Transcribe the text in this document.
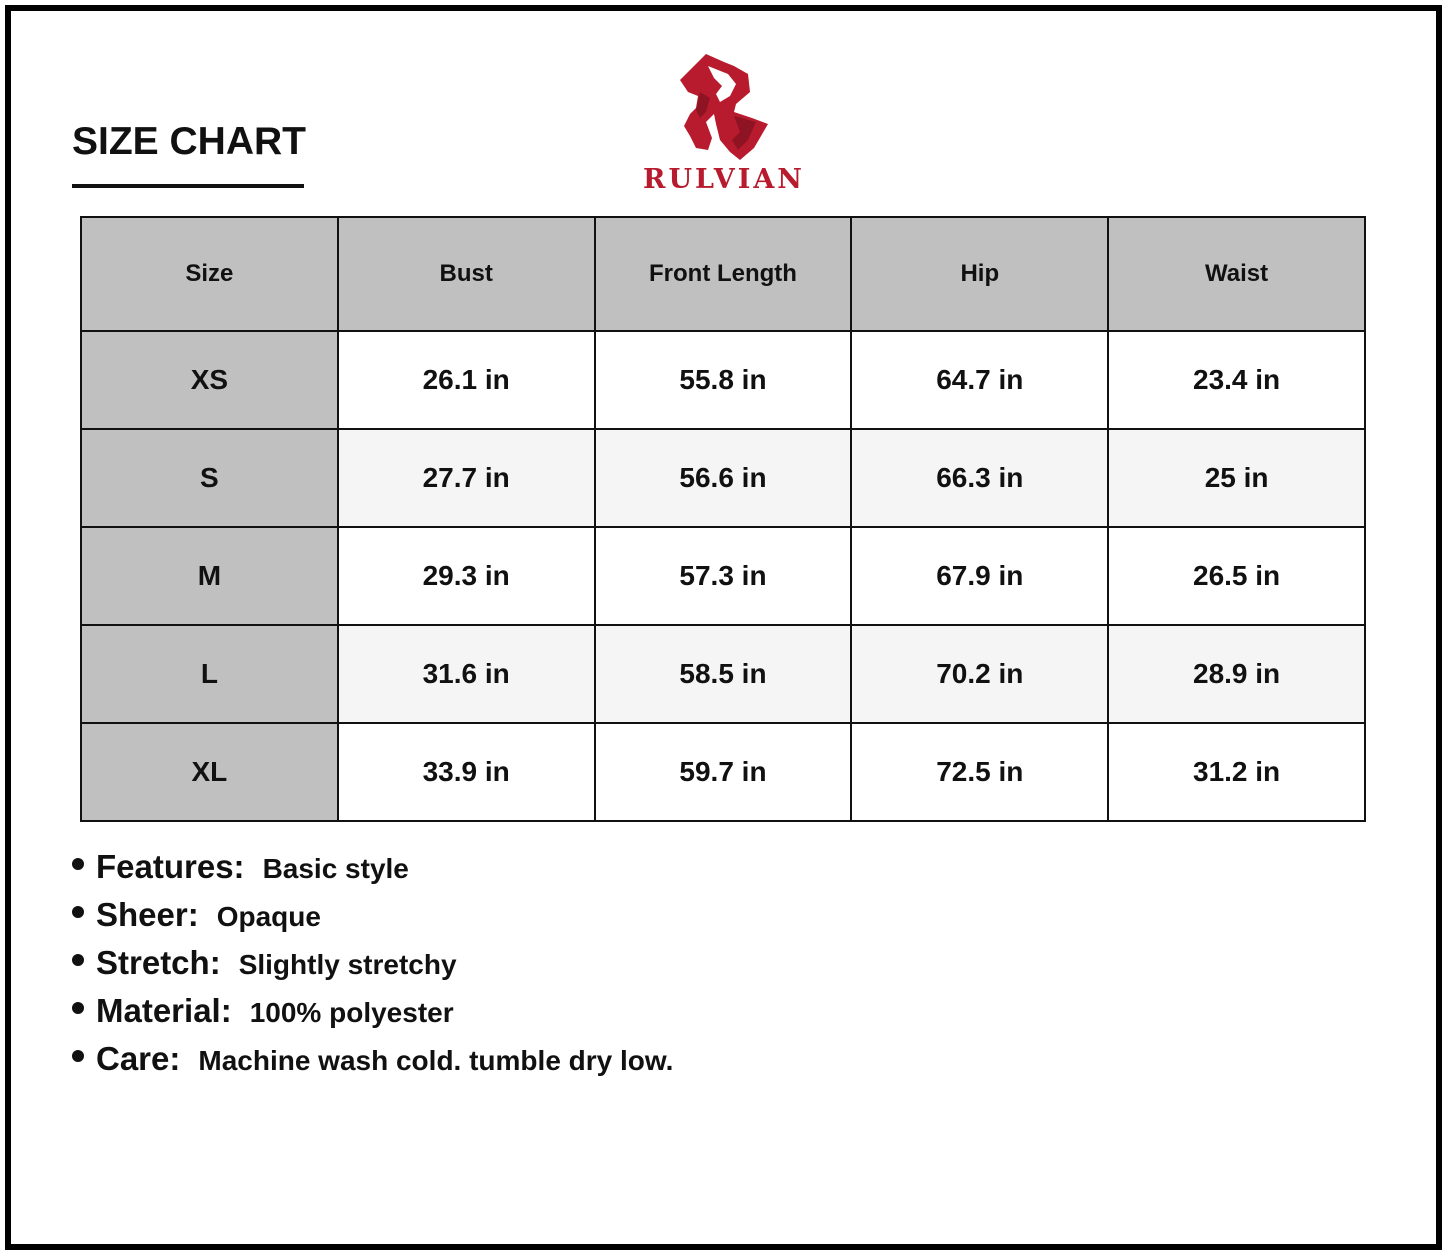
SIZE CHART
RULVIAN
Size	Bust	Front Length	Hip	Waist
XS	26.1 in	55.8 in	64.7 in	23.4 in
S	27.7 in	56.6 in	66.3 in	25 in
M	29.3 in	57.3 in	67.9 in	26.5 in
L	31.6 in	58.5 in	70.2 in	28.9 in
XL	33.9 in	59.7 in	72.5 in	31.2 in
Features: Basic style
Sheer: Opaque
Stretch: Slightly stretchy
Material: 100% polyester
Care: Machine wash cold. tumble dry low.
